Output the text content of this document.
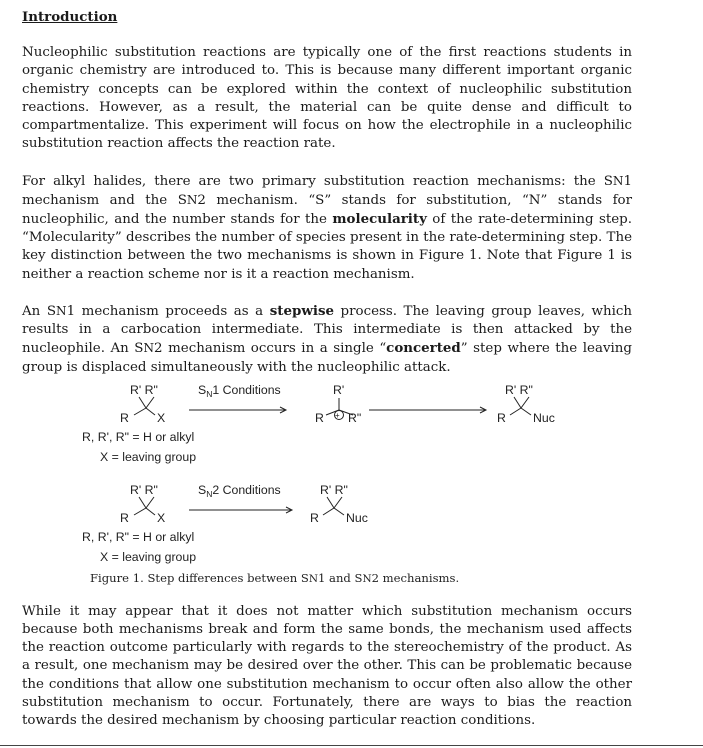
Introduction

Nucleophilic substitution reactions are typically one of the first reactions students in organic chemistry are introduced to. This is because many different important organic chemistry concepts can be explored within the context of nucleophilic substitution reactions. However, as a result, the material can be quite dense and difficult to compartmentalize. This experiment will focus on how the electrophile in a nucleophilic substitution reaction affects the reaction rate.

For alkyl halides, there are two primary substitution reaction mechanisms: the SN1 mechanism and the SN2 mechanism. “S” stands for substitution, “N” stands for nucleophilic, and the number stands for the molecularity of the rate-determining step. “Molecularity” describes the number of species present in the rate-determining step. The key distinction between the two mechanisms is shown in Figure 1. Note that Figure 1 is neither a reaction scheme nor is it a reaction mechanism.

An SN1 mechanism proceeds as a stepwise process. The leaving group leaves, which results in a carbocation intermediate. This intermediate is then attacked by the nucleophile. An SN2 mechanism occurs in a single “concerted” step where the leaving group is displaced simultaneously with the nucleophilic attack.

R' R"
R X
$S_N1$ Conditions	R'
R + R"
R' R"
R Nuc
R, R', R" = H or alkyl
X = leaving group
R' R"
R X
$S_N2$ Conditions	R' R"
R Nuc
R, R', R" = H or alkyl
X = leaving group
Figure 1. Step differences between SN1 and SN2 mechanisms.

While it may appear that it does not matter which substitution mechanism occurs because both mechanisms break and form the same bonds, the mechanism used affects the reaction outcome particularly with regards to the stereochemistry of the product. As a result, one mechanism may be desired over the other. This can be problematic because the conditions that allow one substitution mechanism to occur often also allow the other substitution mechanism to occur. Fortunately, there are ways to bias the reaction towards the desired mechanism by choosing particular reaction conditions.
